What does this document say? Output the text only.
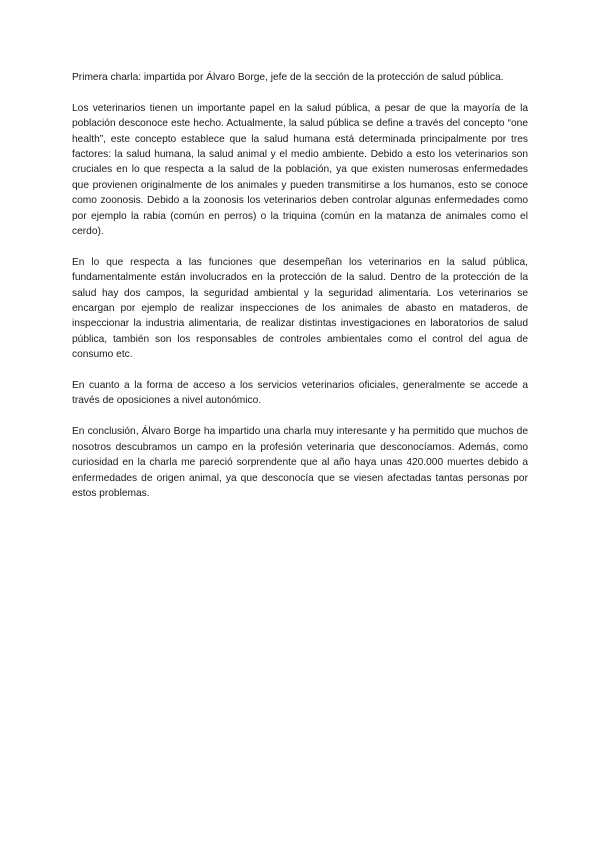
Primera charla: impartida por Álvaro Borge, jefe de la sección de la protección de salud pública.

Los veterinarios tienen un importante papel en la salud pública, a pesar de que la mayoría de la población desconoce este hecho. Actualmente, la salud pública se define a través del concepto “one health”, este concepto establece que la salud humana está determinada principalmente por tres factores: la salud humana, la salud animal y el medio ambiente. Debido a esto los veterinarios son cruciales en lo que respecta a la salud de la población, ya que existen numerosas enfermedades que provienen originalmente de los animales y pueden transmitirse a los humanos, esto se conoce como zoonosis. Debido a la zoonosis los veterinarios deben controlar algunas enfermedades como por ejemplo la rabia (común en perros) o la triquina (común en la matanza de animales como el cerdo).

En lo que respecta a las funciones que desempeñan los veterinarios en la salud pública, fundamentalmente están involucrados en la protección de la salud. Dentro de la protección de la salud hay dos campos, la seguridad ambiental y la seguridad alimentaria. Los veterinarios se encargan por ejemplo de realizar inspecciones de los animales de abasto en mataderos, de inspeccionar la industria alimentaria, de realizar distintas investigaciones en laboratorios de salud pública, también son los responsables de controles ambientales como el control del agua de consumo etc.

En cuanto a la forma de acceso a los servicios veterinarios oficiales, generalmente se accede a través de oposiciones a nivel autonómico.

En conclusión, Álvaro Borge ha impartido una charla muy interesante y ha permitido que muchos de nosotros descubramos un campo en la profesión veterinaria que desconocíamos. Además, como curiosidad en la charla me pareció sorprendente que al año haya unas 420.000 muertes debido a enfermedades de origen animal, ya que desconocía que se viesen afectadas tantas personas por estos problemas.
